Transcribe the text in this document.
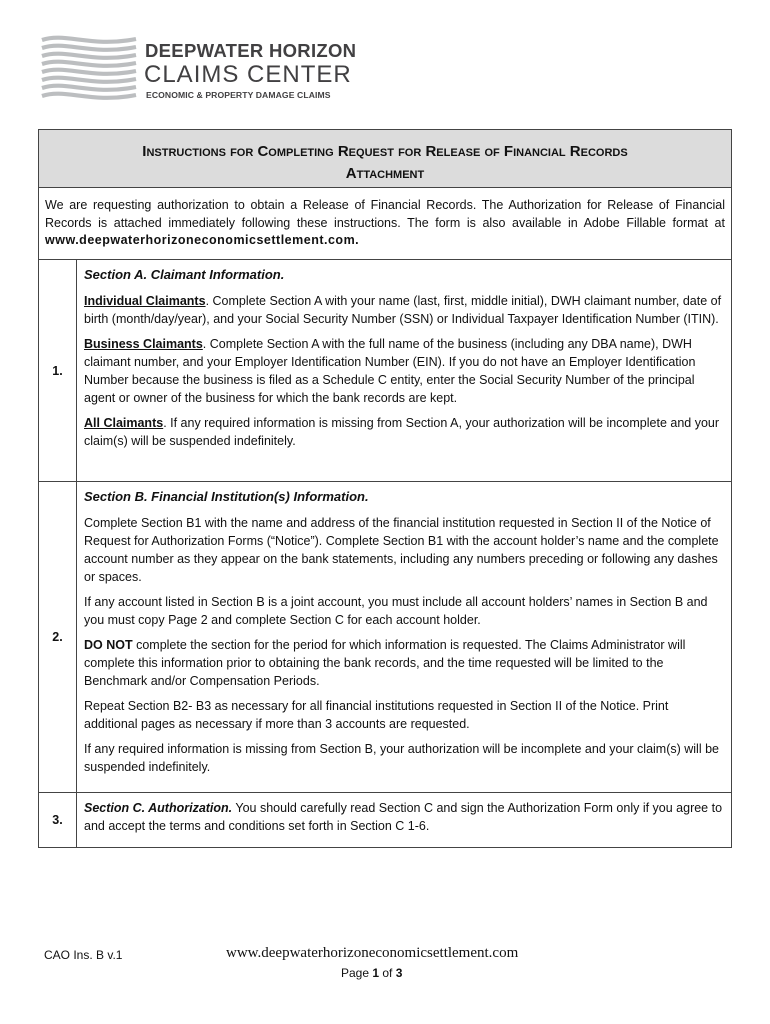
DEEPWATER HORIZON
CLAIMS CENTER
ECONOMIC & PROPERTY DAMAGE CLAIMS
Instructions for Completing Request for Release of Financial Records
Attachment
We are requesting authorization to obtain a Release of Financial Records. The Authorization for Release of Financial Records is attached immediately following these instructions. The form is also available in Adobe Fillable format at www.deepwaterhorizoneconomicsettlement.com.
1.
Section A. Claimant Information.
Individual Claimants. Complete Section A with your name (last, first, middle initial), DWH claimant number, date of birth (month/day/year), and your Social Security Number (SSN) or Individual Taxpayer Identification Number (ITIN).
Business Claimants. Complete Section A with the full name of the business (including any DBA name), DWH claimant number, and your Employer Identification Number (EIN). If you do not have an Employer Identification Number because the business is filed as a Schedule C entity, enter the Social Security Number of the principal agent or owner of the business for which the bank records are kept.
All Claimants. If any required information is missing from Section A, your authorization will be incomplete and your claim(s) will be suspended indefinitely.
2.
Section B. Financial Institution(s) Information.
Complete Section B1 with the name and address of the financial institution requested in Section II of the Notice of Request for Authorization Forms (“Notice”). Complete Section B1 with the account holder’s name and the complete account number as they appear on the bank statements, including any numbers preceding or following any dashes or spaces.
If any account listed in Section B is a joint account, you must include all account holders’ names in Section B and you must copy Page 2 and complete Section C for each account holder.
DO NOT complete the section for the period for which information is requested. The Claims Administrator will complete this information prior to obtaining the bank records, and the time requested will be limited to the Benchmark and/or Compensation Periods.
Repeat Section B2- B3 as necessary for all financial institutions requested in Section II of the Notice. Print additional pages as necessary if more than 3 accounts are requested.
If any required information is missing from Section B, your authorization will be incomplete and your claim(s) will be suspended indefinitely.
3.
Section C. Authorization. You should carefully read Section C and sign the Authorization Form only if you agree to and accept the terms and conditions set forth in Section C 1-6.
CAO Ins. B v.1	www.deepwaterhorizoneconomicsettlement.com
Page 1 of 3
